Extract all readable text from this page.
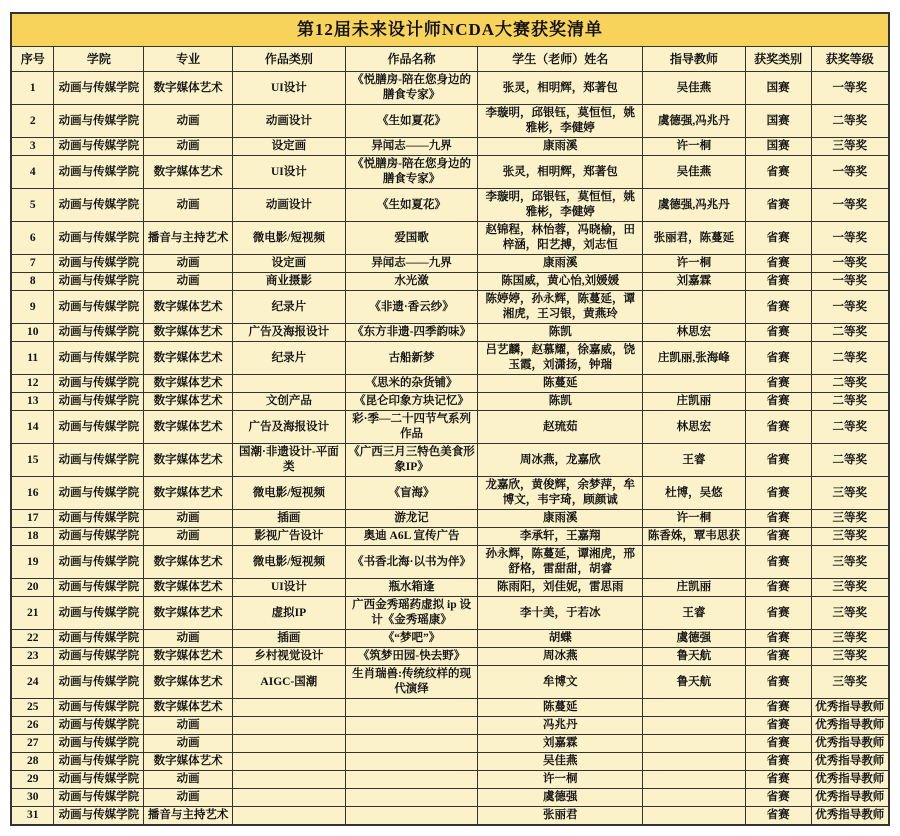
第12届未来设计师NCDA大赛获奖清单								
序号	学院	专业	作品类别	作品名称	学生（老师）姓名	指导教师	获奖类别	获奖等级
1	动画与传媒学院	数字媒体艺术	UI设计	《悦膳房-陪在您身边的膳食专家》	张灵，相明辉，郑著包	吴佳燕	国赛	一等奖
2	动画与传媒学院	动画	动画设计	《生如夏花》	李璇明，邱银钰，莫恒恒，姚雅彬，李健婷	虞德强,冯兆丹	国赛	二等奖
3	动画与传媒学院	动画	设定画	异闻志——九界	康雨溪	许一桐	国赛	三等奖
4	动画与传媒学院	数字媒体艺术	UI设计	《悦膳房-陪在您身边的膳食专家》	张灵，相明辉，郑著包	吴佳燕	省赛	一等奖
5	动画与传媒学院	动画	动画设计	《生如夏花》	李璇明，邱银钰，莫恒恒，姚雅彬，李健婷	虞德强,冯兆丹	省赛	一等奖
6	动画与传媒学院	播音与主持艺术	微电影/短视频	爱国歌	赵锦程，林怡蓉，冯晓榆，田梓涵，阳艺搏，刘志恒	张丽君，陈蔓延	省赛	一等奖
7	动画与传媒学院	动画	设定画	异闻志——九界	康雨溪	许一桐	省赛	一等奖
8	动画与传媒学院	动画	商业摄影	水光潋	陈国威，黄心怡,刘媛媛	刘嘉霖	省赛	一等奖
9	动画与传媒学院	数字媒体艺术	纪录片	《非遗·香云纱》	陈婷婷，孙永辉，陈蔓延，谭湘虎，王习银，黄燕玲		省赛	一等奖
10	动画与传媒学院	数字媒体艺术	广告及海报设计	《东方非遗-四季韵味》	陈凯	林思宏	省赛	二等奖
11	动画与传媒学院	数字媒体艺术	纪录片	古船新梦	吕艺麟，赵慕耀，徐嘉威，饶玉霞，刘潇扬，钟瑞	庄凯丽,张海峰	省赛	二等奖
12	动画与传媒学院	数字媒体艺术		《思米的杂货铺》	陈蔓延		省赛	二等奖
13	动画与传媒学院	数字媒体艺术	文创产品	《昆仑印象方块记忆》	陈凯	庄凯丽	省赛	二等奖
14	动画与传媒学院	数字媒体艺术	广告及海报设计	彩·季—二十四节气系列作品	赵琉茹	林思宏	省赛	二等奖
15	动画与传媒学院	数字媒体艺术	国潮·非遗设计-平面类	《广西三月三特色美食形象IP》	周冰燕，龙嘉欣	王睿	省赛	二等奖
16	动画与传媒学院	数字媒体艺术	微电影/短视频	《盲海》	龙嘉欣，黄俊辉，余梦萍，牟博文，韦宇琦，顾颜诚	杜博，吴悠	省赛	三等奖
17	动画与传媒学院	动画	插画	游龙记	康雨溪	许一桐	省赛	三等奖
18	动画与传媒学院	动画	影视广告设计	奥迪 A6L 宣传广告	李承轩，王嘉翔	陈香姝，覃韦思获	省赛	三等奖
19	动画与传媒学院	数字媒体艺术	微电影/短视频	《书香北海·以书为伴》	孙永辉，陈蔓延，谭湘虎，邢舒格，雷甜甜，胡睿		省赛	三等奖
20	动画与传媒学院	数字媒体艺术	UI设计	瓶水箱逢	陈雨阳，刘佳妮，雷思雨	庄凯丽	省赛	三等奖
21	动画与传媒学院	数字媒体艺术	虚拟IP	广西金秀瑶药虚拟 ip 设计《金秀瑶康》	李十美，于若冰	王睿	省赛	三等奖
22	动画与传媒学院	动画	插画	《“梦吧”》	胡蝶	虞德强	省赛	三等奖
23	动画与传媒学院	数字媒体艺术	乡村视觉设计	《筑梦田园-快去野》	周冰燕	鲁天航	省赛	三等奖
24	动画与传媒学院	数字媒体艺术	AIGC-国潮	生肖瑞兽:传统纹样的现代演绎	牟博文	鲁天航	省赛	三等奖
25	动画与传媒学院	数字媒体艺术			陈蔓延		省赛	优秀指导教师
26	动画与传媒学院	动画			冯兆丹		省赛	优秀指导教师
27	动画与传媒学院	动画			刘嘉霖		省赛	优秀指导教师
28	动画与传媒学院	数字媒体艺术			吴佳燕		省赛	优秀指导教师
29	动画与传媒学院	动画			许一桐		省赛	优秀指导教师
30	动画与传媒学院	动画			虞德强		省赛	优秀指导教师
31	动画与传媒学院	播音与主持艺术			张丽君		省赛	优秀指导教师
